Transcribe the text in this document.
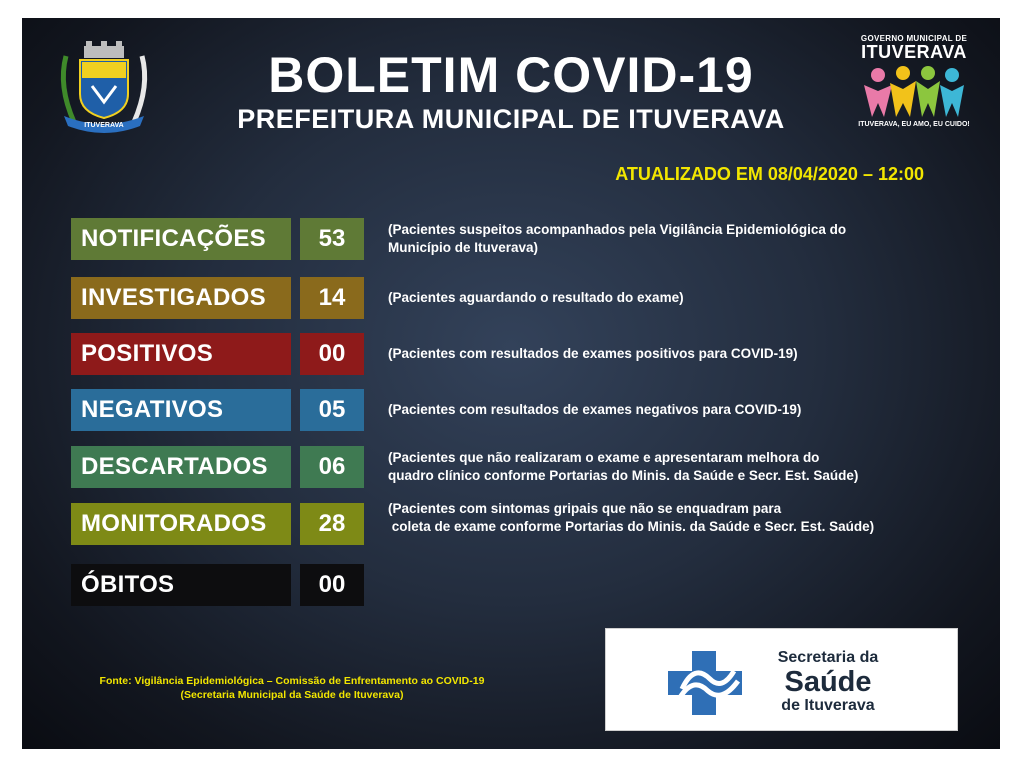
ITUVERAVA
BOLETIM COVID-19
PREFEITURA MUNICIPAL DE ITUVERAVA
GOVERNO MUNICIPAL DE
ITUVERAVA
ITUVERAVA, EU AMO, EU CUIDO!
ATUALIZADO EM 08/04/2020 – 12:00
NOTIFICAÇÕES	53	(Pacientes suspeitos acompanhados pela Vigilância Epidemiológica do
Município de Ituverava)
INVESTIGADOS	14	(Pacientes aguardando o resultado do exame)
POSITIVOS	00	(Pacientes com resultados de exames positivos para COVID-19)
NEGATIVOS	05	(Pacientes com resultados de exames negativos para COVID-19)
DESCARTADOS	06	(Pacientes que não realizaram o exame e apresentaram melhora do
quadro clínico conforme Portarias do Minis. da Saúde e Secr. Est. Saúde)
MONITORADOS	28
(Pacientes com sintomas gripais que não se enquadram para
coleta de exame conforme Portarias do Minis. da Saúde e Secr. Est. Saúde)
ÓBITOS	00
Fonte: Vigilância Epidemiológica – Comissão de Enfrentamento ao COVID-19
(Secretaria Municipal da Saúde de Ituverava)
Secretaria da
Saúde
de Ituverava
